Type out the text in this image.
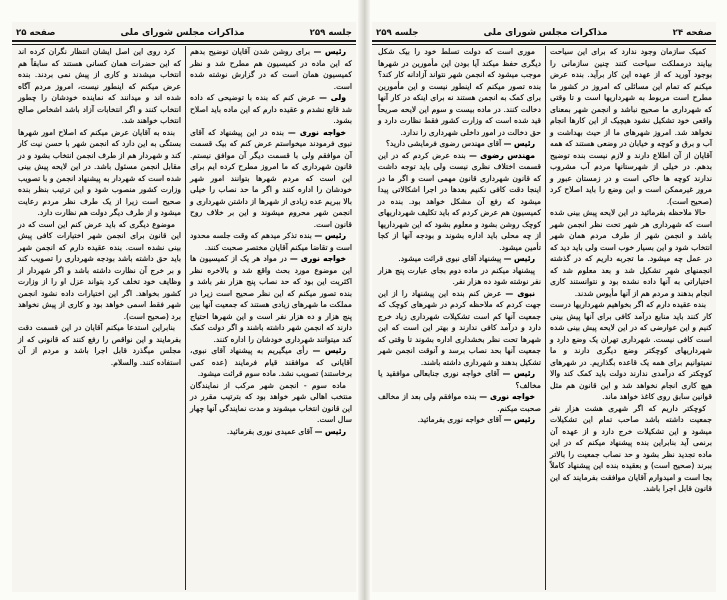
صفحه ۲۴
مذاکرات مجلس شورای ملی
جلسه ۲۵۹

کمیک سازمان وجود ندارد که برای این سیاحت بیایند درمملکت سیاحت کنند چنین سازمانی را بوجود آورید که از عهده این کار برآید. بنده عرض میکنم که تمام این مسائلی که امروز در کشور ما مطرح است مربوط به شهرداریها است و تا وقتی که شهرداری ما صحیح نباشد و انجمن شهر بمعنای واقعی خود تشکیل نشود هیچیک از این کارها انجام نخواهد شد. امروز شهرهای ما از حیث بهداشت و آب و برق و کوچه و خیابان در وضعی هستند که همه آقایان از آن اطلاع دارند و لازم نیست بنده توضیح بدهم. در خیلی از شهرستانها مردم آب مشروب ندارند کوچه ها خاکی است و در زمستان عبور و مرور غیرممکن است و این وضع را باید اصلاح کرد (صحیح است).

حالا ملاحظه بفرمائید در این لایحه پیش بینی شده است که شهرداری هر شهر تحت نظر انجمن شهر باشد و انجمن شهر از طرف مردم همان شهر انتخاب شود و این بسیار خوب است ولی باید دید که در عمل چه میشود. ما تجربه داریم که در گذشته انجمنهای شهر تشکیل شد و بعد معلوم شد که اختیاراتی به آنها داده نشده بود و نتوانستند کاری انجام بدهند و مردم هم از آنها مأیوس شدند.

بنده عقیده دارم که اگر بخواهیم شهرداریها درست کار کنند باید منابع درآمد کافی برای آنها پیش بینی کنیم و این عوارضی که در این لایحه پیش بینی شده است کافی نیست. شهرداری تهران یک وضع دارد و شهرداریهای کوچکتر وضع دیگری دارند و ما نمیتوانیم برای همه یک قاعده بگذاریم. در شهرهای کوچکتر که درآمدی ندارند دولت باید کمک کند والا هیچ کاری انجام نخواهد شد و این قانون هم مثل قوانین سابق روی کاغذ خواهد ماند.

کوچکتر داریم که اگر شهری هشت هزار نفر جمعیت داشته باشد صاحب تمام این تشکیلات میشود و این تشکیلات خرج دارد و از عهده آن برنمی آید بنابراین بنده پیشنهاد میکنم که در این ماده تجدید نظر بشود و حد نصاب جمعیت را بالاتر ببرند (صحیح است) و بعقیده بنده این پیشنهاد کاملاً بجا است و امیدوارم آقایان موافقت بفرمایند که این قانون قابل اجرا باشد.

موری است که دولت تسلط خود را بیک شکل دیگری حفظ میکند آیا بودن این مأمورین در شهرها موجب میشود که انجمن شهر نتواند آزادانه کار کند؟ بنده تصور میکنم که اینطور نیست و این مأمورین برای کمک به انجمن هستند نه برای اینکه در کار آنها دخالت کنند. در ماده بیست و سوم این لایحه صریحاً قید شده است که وزارت کشور فقط نظارت دارد و حق دخالت در امور داخلی شهرداری را ندارد.

رئیس — آقای مهندس رضوی فرمایشی دارید؟

مهندس رضوی — بنده عرض کردم که در این قسمت اختلاف نظری نیست ولی باید توجه داشت که قانون شهرداری قانون مهمی است و اگر ما در اینجا دقت کافی نکنیم بعدها در اجرا اشکالاتی پیدا میشود که رفع آن مشکل خواهد بود. بنده در کمیسیون هم عرض کردم که باید تکلیف شهرداریهای کوچک روشن بشود و معلوم بشود که این شهرداریها از چه محلی باید اداره بشوند و بودجه آنها از کجا تأمین میشود.

رئیس — پیشنهاد آقای نبوی قرائت میشود.

پیشنهاد میکنم در ماده دوم بجای عبارت پنج هزار نفر نوشته شود ده هزار نفر.

نبوی — عرض کنم بنده این پیشنهاد را از این جهت کردم که ملاحظه کردم در شهرهای کوچک که جمعیت آنها کم است تشکیلات شهرداری زیاد خرج دارد و درآمد کافی ندارند و بهتر این است که این شهرها تحت نظر بخشداری اداره بشوند تا وقتی که جمعیت آنها بحد نصاب برسد و آنوقت انجمن شهر تشکیل بدهند و شهرداری داشته باشند.

رئیس — آقای خواجه نوری جنابعالی موافقید یا مخالف؟

خواجه نوری — بنده موافقم ولی بعد از مخالف صحبت میکنم.

رئیس — آقای خواجه نوری بفرمائید.

جلسه ۲۵۹
مذاکرات مجلس شورای ملی
صفحه ۲۵

رئیس — برای روشن شدن آقایان توضیح بدهم که این ماده در کمیسیون هم مطرح شد و نظر کمیسیون همان است که در گزارش نوشته شده است.

ولی — عرض کنم که بنده با توضیحی که داده شد قانع نشدم و عقیده دارم که این ماده باید اصلاح بشود.

خواجه نوری — بنده در این پیشنهاد که آقای نبوی فرمودند میخواستم عرض کنم که بیک قسمت آن موافقم ولی با قسمت دیگر آن موافق نیستم. قانون شهرداری که ما امروز مطرح کرده ایم برای این است که مردم شهرها بتوانند امور شهر خودشان را اداره کنند و اگر ما حد نصاب را خیلی بالا ببریم عده زیادی از شهرها از داشتن شهرداری و انجمن شهر محروم میشوند و این بر خلاف روح قانون است.

رئیس — بنده تذکر میدهم که وقت جلسه محدود است و تقاضا میکنم آقایان مختصر صحبت کنند.

خواجه نوری — در مواد هر یک از کمیسیون ها این موضوع مورد بحث واقع شد و بالاخره نظر اکثریت این بود که حد نصاب پنج هزار نفر باشد و بنده تصور میکنم که این نظر صحیح است زیرا در مملکت ما شهرهای زیادی هستند که جمعیت آنها بین پنج هزار و ده هزار نفر است و این شهرها احتیاج دارند که انجمن شهر داشته باشند و اگر دولت کمک کند میتوانند شهرداری خودشان را اداره کنند.

رئیس — رأی میگیریم به پیشنهاد آقای نبوی، آقایانی که موافقند قیام فرمایند (عده کمی برخاستند) تصویب نشد. ماده سوم قرائت میشود.

ماده سوم - انجمن شهر مرکب از نمایندگان منتخب اهالی شهر خواهد بود که بترتیب مقرر در این قانون انتخاب میشوند و مدت نمایندگی آنها چهار سال است.

رئیس — آقای عمیدی نوری بفرمائید.

کرد روی این اصل ایشان انتظار نگران کرده اند که این حضرات همان کسانی هستند که سابقاً هم انتخاب میشدند و کاری از پیش نمی بردند. بنده عرض میکنم که اینطور نیست، امروز مردم آگاه شده اند و میدانند که نماینده خودشان را چطور انتخاب کنند و اگر انتخابات آزاد باشد اشخاص صالح انتخاب خواهند شد.

بنده به آقایان عرض میکنم که اصلاح امور شهرها بستگی به این دارد که انجمن شهر با حسن نیت کار کند و شهردار هم از طرف انجمن انتخاب بشود و در مقابل انجمن مسئول باشد. در این لایحه پیش بینی شده است که شهردار به پیشنهاد انجمن و با تصویب وزارت کشور منصوب شود و این ترتیب بنظر بنده صحیح است زیرا از یک طرف نظر مردم رعایت میشود و از طرف دیگر دولت هم نظارت دارد.

موضوع دیگری که باید عرض کنم این است که در این قانون برای انجمن شهر اختیارات کافی پیش بینی نشده است. بنده عقیده دارم که انجمن شهر باید حق داشته باشد بودجه شهرداری را تصویب کند و بر خرج آن نظارت داشته باشد و اگر شهردار از وظایف خود تخلف کرد بتواند عزل او را از وزارت کشور بخواهد. اگر این اختیارات داده نشود انجمن شهر فقط اسمی خواهد بود و کاری از پیش نخواهد برد (صحیح است).

بنابراین استدعا میکنم آقایان در این قسمت دقت بفرمایند و این نواقص را رفع کنند که قانونی که از مجلس میگذرد قابل اجرا باشد و مردم از آن استفاده کنند. والسلام.
